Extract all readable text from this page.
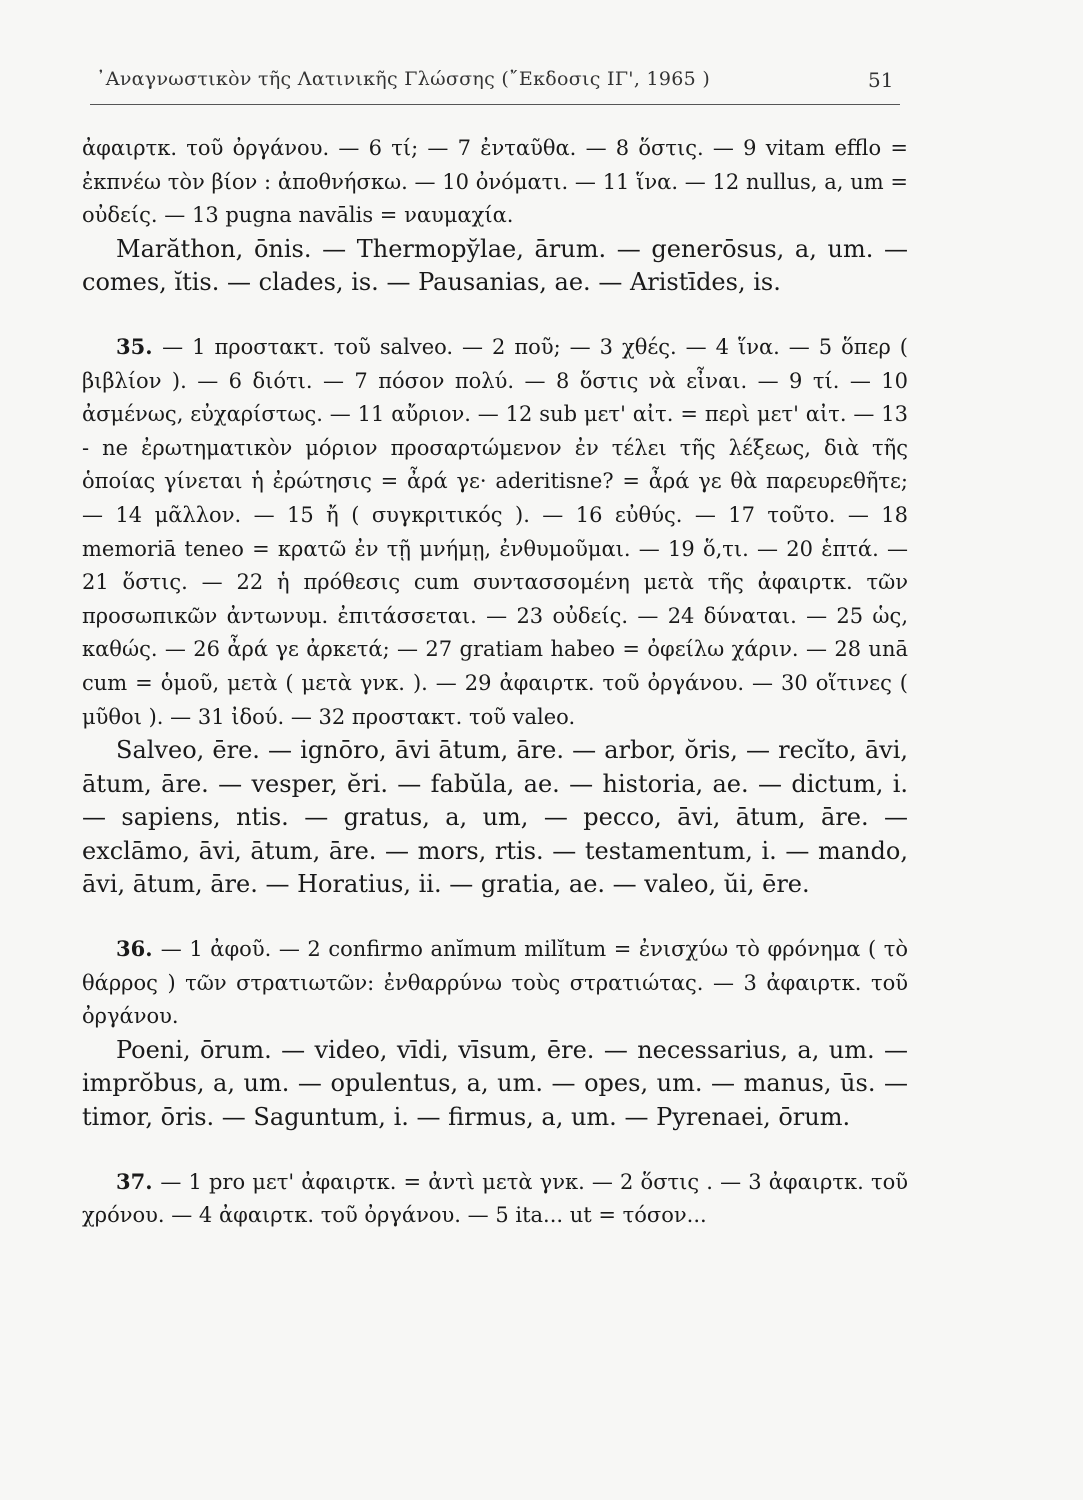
᾿Αναγνωστικὸν τῆς Λατινικῆς Γλώσσης (῎Εκδοσις ΙΓ', 1965 )	51

ἀφαιρτκ. τοῦ ὀργάνου. — 6 τί; — 7 ἐνταῦθα. — 8 ὅστις. — 9 vitam efflo = ἐκπνέω τὸν βίον : ἀποθνήσκω. — 10 ὀνόματι. — 11 ἵνα. — 12 nullus, a, um = οὐδείς. — 13 pugna navālis = ναυμαχία.

Marăthon, ōnis. — Thermopy̆lae, ārum. — generōsus, a, um. — comes, ĭtis. — clades, is. — Pausanias, ae. — Aristīdes, is.

35. — 1 προστακτ. τοῦ salveo. — 2 ποῦ; — 3 χθές. — 4 ἵνα. — 5 ὅπερ ( βιβλίον ). — 6 διότι. — 7 πόσον πολύ. — 8 ὅστις νὰ εἶναι. — 9 τί. — 10 ἀσμένως, εὐχαρίστως. — 11 αὔριον. — 12 sub μετ' αἰτ. = περὶ μετ' αἰτ. — 13 - ne ἐρωτηματικὸν μόριον προσαρτώμενον ἐν τέλει τῆς λέξεως, διὰ τῆς ὁποίας γίνεται ἡ ἐρώτησις = ἆρά γε· aderitisne? = ἆρά γε θὰ παρευρεθῆτε; — 14 μᾶλλον. — 15 ἤ ( συγκριτικός ). — 16 εὐθύς. — 17 τοῦτο. — 18 memoriā teneo = κρατῶ ἐν τῇ μνήμῃ, ἐνθυμοῦμαι. — 19 ὅ,τι. — 20 ἑπτά. — 21 ὅστις. — 22 ἡ πρόθεσις cum συντασσομένη μετὰ τῆς ἀφαιρτκ. τῶν προσωπικῶν ἀντωνυμ. ἐπιτάσσεται. — 23 οὐδείς. — 24 δύναται. — 25 ὡς, καθώς. — 26 ἆρά γε ἀρκετά; — 27 gratiam habeo = ὀφείλω χάριν. — 28 unā cum = ὁμοῦ, μετὰ ( μετὰ γνκ. ). — 29 ἀφαιρτκ. τοῦ ὀργάνου. — 30 οἵτινες ( μῦθοι ). — 31 ἰδού. — 32 προστακτ. τοῦ valeo.

Salveo, ēre. — ignōro, āvi ātum, āre. — arbor, ŏris, — recĭto, āvi, ātum, āre. — vesper, ĕri. — fabŭla, ae. — historia, ae. — dictum, i. — sapiens, ntis. — gratus, a, um, — pecco, āvi, ātum, āre. — exclāmo, āvi, ātum, āre. — mors, rtis. — testamentum, i. — mando, āvi, ātum, āre. — Horatius, ii. — gratia, ae. — valeo, ŭi, ēre.

36. — 1 ἀφοῦ. — 2 confirmo anĭmum milĭtum = ἐνισχύω τὸ φρόνημα ( τὸ θάρρος ) τῶν στρατιωτῶν: ἐνθαρρύνω τοὺς στρατιώτας. — 3 ἀφαιρτκ. τοῦ ὀργάνου.

Poeni, ōrum. — video, vīdi, vīsum, ēre. — necessarius, a, um. — imprŏbus, a, um. — opulentus, a, um. — opes, um. — manus, ūs. — timor, ōris. — Saguntum, i. — firmus, a, um. — Pyrenaei, ōrum.

37. — 1 pro μετ' ἀφαιρτκ. = ἀντὶ μετὰ γνκ. — 2 ὅστις . — 3 ἀφαιρτκ. τοῦ χρόνου. — 4 ἀφαιρτκ. τοῦ ὀργάνου. — 5 ita... ut = τόσον...
